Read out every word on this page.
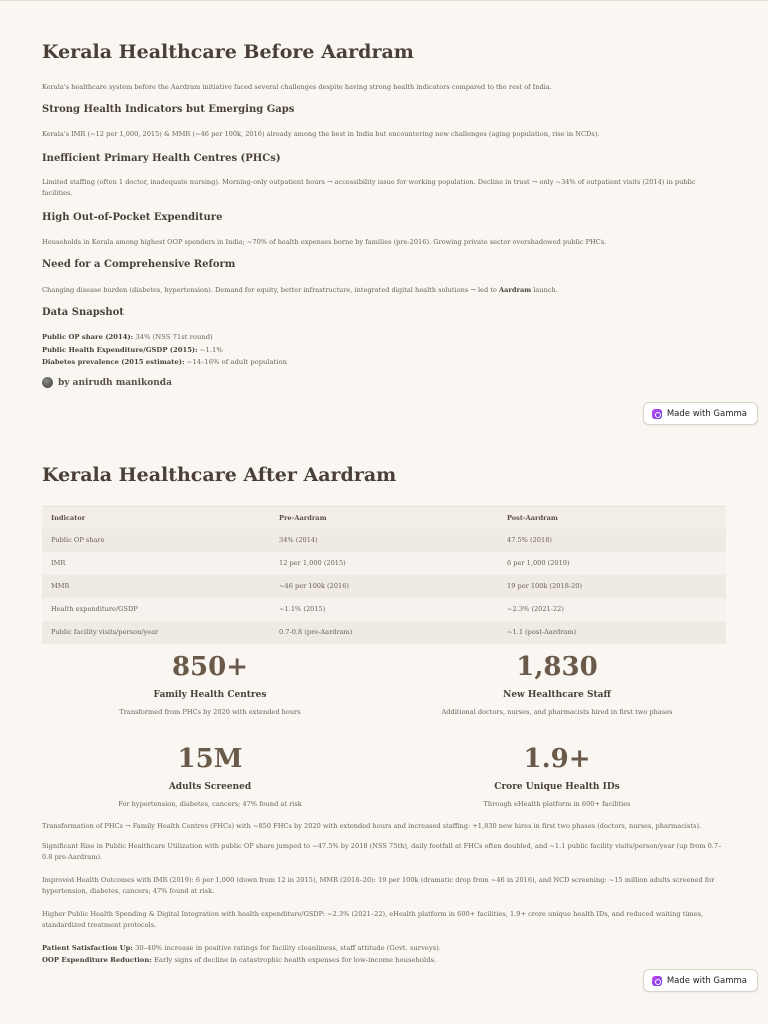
Kerala Healthcare Before Aardram

Kerala's healthcare system before the Aardram initiative faced several challenges despite having strong health indicators compared to the rest of India.

Strong Health Indicators but Emerging Gaps

Kerala's IMR (~12 per 1,000, 2015) & MMR (~46 per 100k, 2016) already among the best in India but encountering new challenges (aging population, rise in NCDs).

Inefficient Primary Health Centres (PHCs)

Limited staffing (often 1 doctor, inadequate nursing). Morning-only outpatient hours → accessibility issue for working population. Decline in trust → only ~34% of outpatient visits (2014) in public facilities.

High Out-of-Pocket Expenditure

Households in Kerala among highest OOP spenders in India; ~70% of health expenses borne by families (pre-2016). Growing private sector overshadowed public PHCs.

Need for a Comprehensive Reform

Changing disease burden (diabetes, hypertension). Demand for equity, better infrastructure, integrated digital health solutions → led to Aardram launch.

Data Snapshot
Public OP share (2014): 34% (NSS 71st round)
Public Health Expenditure/GSDP (2015): ~1.1%
Diabetes prevalence (2015 estimate): ~14–16% of adult population
by anirudh manikonda
Made with Gamma
Kerala Healthcare After Aardram
Indicator	Pre-Aardram	Post-Aardram
Public OP share	34% (2014)	47.5% (2018)
IMR	12 per 1,000 (2015)	6 per 1,000 (2019)
MMR	~46 per 100k (2016)	19 per 100k (2018-20)
Health expenditure/GSDP	~1.1% (2015)	~2.3% (2021-22)
Public facility visits/person/year	0.7-0.8 (pre-Aardram)	~1.1 (post-Aardram)
850+
Family Health Centres
Transformed from PHCs by 2020 with extended hours
1,830
New Healthcare Staff
Additional doctors, nurses, and pharmacists hired in first two phases
15M
Adults Screened
For hypertension, diabetes, cancers; 47% found at risk
1.9+
Crore Unique Health IDs
Through eHealth platform in 600+ facilities

Transformation of PHCs → Family Health Centres (FHCs) with ~850 FHCs by 2020 with extended hours and increased staffing: +1,830 new hires in first two phases (doctors, nurses, pharmacists).

Significant Rise in Public Healthcare Utilization with public OP share jumped to ~47.5% by 2018 (NSS 75th), daily footfall at FHCs often doubled, and ~1.1 public facility visits/person/year (up from 0.7–0.8 pre-Aardram).

Improved Health Outcomes with IMR (2019): 6 per 1,000 (down from 12 in 2015), MMR (2018–20): 19 per 100k (dramatic drop from ~46 in 2016), and NCD screening: ~15 million adults screened for hypertension, diabetes, cancers; 47% found at risk.

Higher Public Health Spending & Digital Integration with health expenditure/GSDP: ~2.3% (2021–22), eHealth platform in 600+ facilities, 1.9+ crore unique health IDs, and reduced waiting times, standardized treatment protocols.

Patient Satisfaction Up: 30–40% increase in positive ratings for facility cleanliness, staff attitude (Govt. surveys).
OOP Expenditure Reduction: Early signs of decline in catastrophic health expenses for low-income households.
Made with Gamma
